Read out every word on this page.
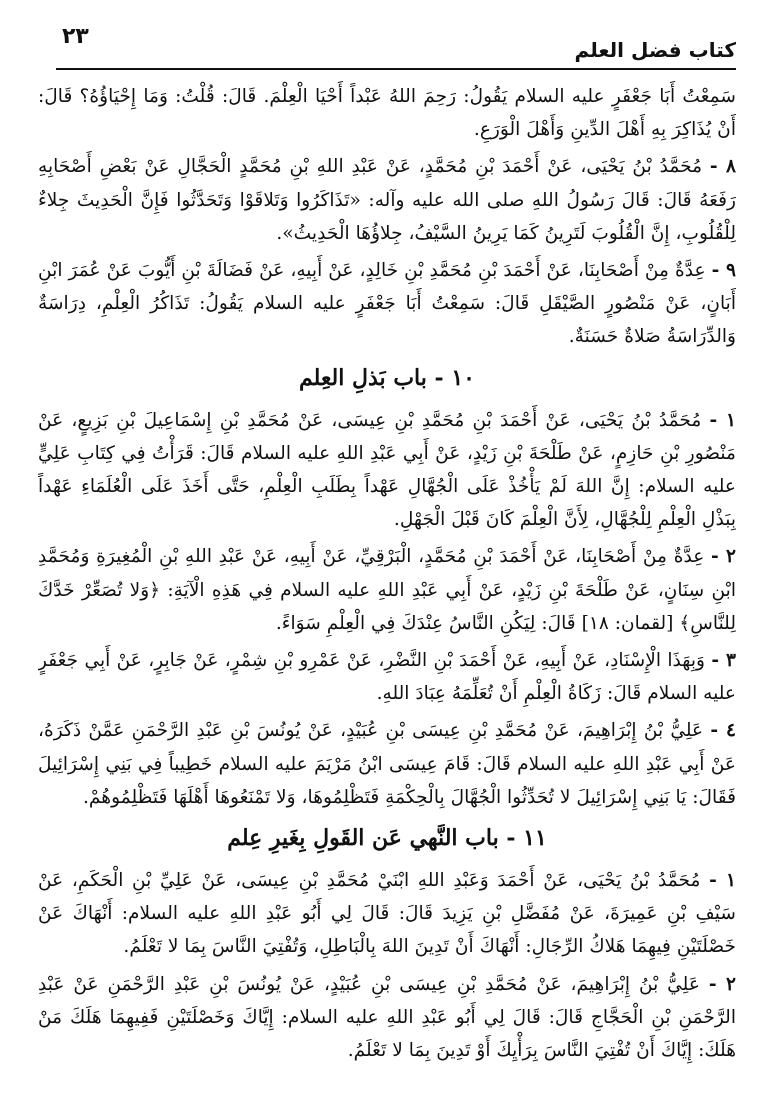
كتاب فضل العلم
٢٣

سَمِعْتُ أَبَا جَعْفَرٍ عليه السلام يَقُولُ: رَحِمَ اللهُ عَبْداً أَحْيَا الْعِلْمَ. قَالَ: قُلْتُ: وَمَا إِحْيَاؤُهُ؟ قَالَ: أَنْ يُذَاكِرَ بِهِ أَهْلَ الدِّينِ وَأَهْلَ الْوَرَعِ.

٨ - مُحَمَّدُ بْنُ يَحْيَى، عَنْ أَحْمَدَ بْنِ مُحَمَّدٍ، عَنْ عَبْدِ اللهِ بْنِ مُحَمَّدٍ الْحَجَّالِ عَنْ بَعْضِ أَصْحَابِهِ رَفَعَهُ قَالَ: قَالَ رَسُولُ اللهِ صلى الله عليه وآله: «تَذَاكَرُوا وَتَلاقَوْا وَتَحَدَّثُوا فَإِنَّ الْحَدِيثَ جِلاءٌ لِلْقُلُوبِ، إِنَّ الْقُلُوبَ لَتَرِينُ كَمَا يَرِينُ السَّيْفُ، جِلاؤُهَا الْحَدِيثُ».

٩ - عِدَّةٌ مِنْ أَصْحَابِنَا، عَنْ أَحْمَدَ بْنِ مُحَمَّدِ بْنِ خَالِدٍ، عَنْ أَبِيهِ، عَنْ فَضَالَةَ بْنِ أَيُّوبَ عَنْ عُمَرَ ابْنِ أَبَانٍ، عَنْ مَنْصُورٍ الصَّيْقَلِ قَالَ: سَمِعْتُ أَبَا جَعْفَرٍ عليه السلام يَقُولُ: تَذَاكُرُ الْعِلْمِ، دِرَاسَةٌ وَالدِّرَاسَةُ صَلاةٌ حَسَنَةٌ.

١٠ - باب بَذلِ العِلم

١ - مُحَمَّدُ بْنُ يَحْيَى، عَنْ أَحْمَدَ بْنِ مُحَمَّدِ بْنِ عِيسَى، عَنْ مُحَمَّدِ بْنِ إِسْمَاعِيلَ بْنِ بَزِيعٍ، عَنْ مَنْصُورِ بْنِ حَازِمٍ، عَنْ طَلْحَةَ بْنِ زَيْدٍ، عَنْ أَبِي عَبْدِ اللهِ عليه السلام قَالَ: قَرَأْتُ فِي كِتَابِ عَلِيٍّ عليه السلام: إِنَّ اللهَ لَمْ يَأْخُذْ عَلَى الْجُهَّالِ عَهْداً بِطَلَبِ الْعِلْمِ، حَتَّى أَخَذَ عَلَى الْعُلَمَاءِ عَهْداً بِبَذْلِ الْعِلْمِ لِلْجُهَّالِ، لِأَنَّ الْعِلْمَ كَانَ قَبْلَ الْجَهْلِ.

٢ - عِدَّةٌ مِنْ أَصْحَابِنَا، عَنْ أَحْمَدَ بْنِ مُحَمَّدٍ، الْبَرْقِيِّ، عَنْ أَبِيهِ، عَنْ عَبْدِ اللهِ بْنِ الْمُغِيرَةِ وَمُحَمَّدِ ابْنِ سِنَانٍ، عَنْ طَلْحَةَ بْنِ زَيْدٍ، عَنْ أَبِي عَبْدِ اللهِ عليه السلام فِي هَذِهِ الْآيَةِ: ﴿وَلا تُصَعِّرْ خَدَّكَ لِلنَّاسِ﴾ [لقمان: ١٨] قَالَ: لِيَكُنِ النَّاسُ عِنْدَكَ فِي الْعِلْمِ سَوَاءً.

٣ - وَبِهَذَا الْإِسْنَادِ، عَنْ أَبِيهِ، عَنْ أَحْمَدَ بْنِ النَّضْرِ، عَنْ عَمْرِو بْنِ شِمْرٍ، عَنْ جَابِرٍ، عَنْ أَبِي جَعْفَرٍ عليه السلام قَالَ: زَكَاةُ الْعِلْمِ أَنْ تُعَلِّمَهُ عِبَادَ اللهِ.

٤ - عَلِيُّ بْنُ إِبْرَاهِيمَ، عَنْ مُحَمَّدِ بْنِ عِيسَى بْنِ عُبَيْدٍ، عَنْ يُونُسَ بْنِ عَبْدِ الرَّحْمَنِ عَمَّنْ ذَكَرَهُ، عَنْ أَبِي عَبْدِ اللهِ عليه السلام قَالَ: قَامَ عِيسَى ابْنُ مَرْيَمَ عليه السلام خَطِيباً فِي بَنِي إِسْرَائِيلَ فَقَالَ: يَا بَنِي إِسْرَائِيلَ لا تُحَدِّثُوا الْجُهَّالَ بِالْحِكْمَةِ فَتَظْلِمُوهَا، وَلا تَمْنَعُوهَا أَهْلَهَا فَتَظْلِمُوهُمْ.

١١ - باب النَّهي عَن القَولِ بِغَيرِ عِلم

١ - مُحَمَّدُ بْنُ يَحْيَى، عَنْ أَحْمَدَ وَعَبْدِ اللهِ ابْنَيْ مُحَمَّدِ بْنِ عِيسَى، عَنْ عَلِيِّ بْنِ الْحَكَمِ، عَنْ سَيْفِ بْنِ عَمِيرَةَ، عَنْ مُفَضَّلِ بْنِ يَزِيدَ قَالَ: قَالَ لِي أَبُو عَبْدِ اللهِ عليه السلام: أَنْهَاكَ عَنْ خَصْلَتَيْنِ فِيهِمَا هَلاكُ الرِّجَالِ: أَنْهَاكَ أَنْ تَدِينَ اللهَ بِالْبَاطِلِ، وَتُفْتِيَ النَّاسَ بِمَا لا تَعْلَمُ.

٢ - عَلِيُّ بْنُ إِبْرَاهِيمَ، عَنْ مُحَمَّدِ بْنِ عِيسَى بْنِ عُبَيْدٍ، عَنْ يُونُسَ بْنِ عَبْدِ الرَّحْمَنِ عَنْ عَبْدِ الرَّحْمَنِ بْنِ الْحَجَّاجِ قَالَ: قَالَ لِي أَبُو عَبْدِ اللهِ عليه السلام: إِيَّاكَ وَخَصْلَتَيْنِ فَفِيهِمَا هَلَكَ مَنْ هَلَكَ: إِيَّاكَ أَنْ تُفْتِيَ النَّاسَ بِرَأْيِكَ أَوْ تَدِينَ بِمَا لا تَعْلَمُ.
